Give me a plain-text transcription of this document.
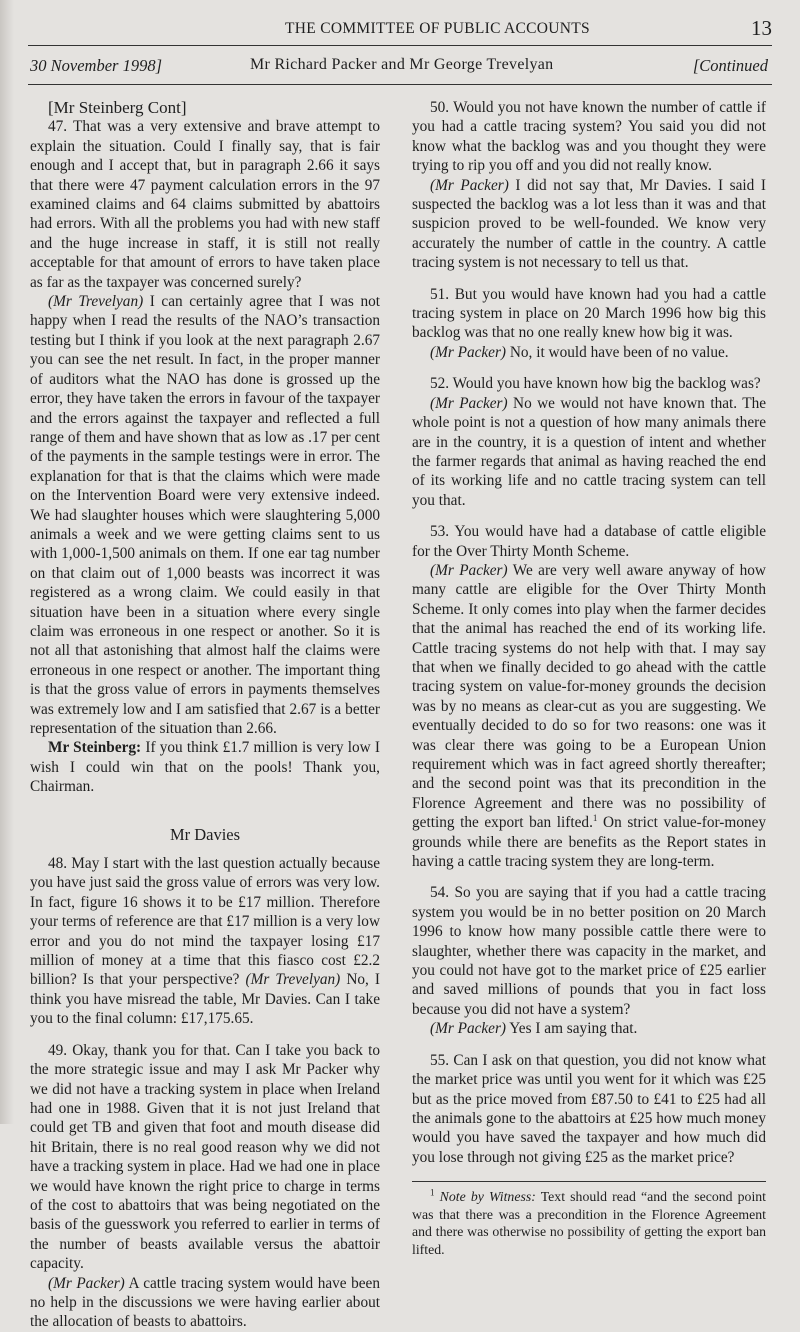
THE COMMITTEE OF PUBLIC ACCOUNTS	13
30 November 1998]	Mr Richard Packer and Mr George Trevelyan	[Continued

[Mr Steinberg Cont]

47. That was a very extensive and brave attempt to explain the situation. Could I finally say, that is fair enough and I accept that, but in paragraph 2.66 it says that there were 47 payment calculation errors in the 97 examined claims and 64 claims submitted by abattoirs had errors. With all the problems you had with new staff and the huge increase in staff, it is still not really acceptable for that amount of errors to have taken place as far as the taxpayer was concerned surely?

(Mr Trevelyan) I can certainly agree that I was not happy when I read the results of the NAO’s transaction testing but I think if you look at the next paragraph 2.67 you can see the net result. In fact, in the proper manner of auditors what the NAO has done is grossed up the error, they have taken the errors in favour of the taxpayer and the errors against the taxpayer and reflected a full range of them and have shown that as low as .17 per cent of the payments in the sample testings were in error. The explanation for that is that the claims which were made on the Intervention Board were very extensive indeed. We had slaughter houses which were slaughtering 5,000 animals a week and we were getting claims sent to us with 1,000-1,500 animals on them. If one ear tag number on that claim out of 1,000 beasts was incorrect it was registered as a wrong claim. We could easily in that situation have been in a situation where every single claim was erroneous in one respect or another. So it is not all that astonishing that almost half the claims were erroneous in one respect or another. The important thing is that the gross value of errors in payments themselves was extremely low and I am satisfied that 2.67 is a better representation of the situation than 2.66.

Mr Steinberg: If you think £1.7 million is very low I wish I could win that on the pools! Thank you, Chairman.

Mr Davies

48. May I start with the last question actually because you have just said the gross value of errors was very low. In fact, figure 16 shows it to be £17 million. Therefore your terms of reference are that £17 million is a very low error and you do not mind the taxpayer losing £17 million of money at a time that this fiasco cost £2.2 billion? Is that your perspective? (Mr Trevelyan) No, I think you have misread the table, Mr Davies. Can I take you to the final column: £17,175.65.

49. Okay, thank you for that. Can I take you back to the more strategic issue and may I ask Mr Packer why we did not have a tracking system in place when Ireland had one in 1988. Given that it is not just Ireland that could get TB and given that foot and mouth disease did hit Britain, there is no real good reason why we did not have a tracking system in place. Had we had one in place we would have known the right price to charge in terms of the cost to abattoirs that was being negotiated on the basis of the guesswork you referred to earlier in terms of the number of beasts available versus the abattoir capacity.

(Mr Packer) A cattle tracing system would have been no help in the discussions we were having earlier about the allocation of beasts to abattoirs.

50. Would you not have known the number of cattle if you had a cattle tracing system? You said you did not know what the backlog was and you thought they were trying to rip you off and you did not really know.

(Mr Packer) I did not say that, Mr Davies. I said I suspected the backlog was a lot less than it was and that suspicion proved to be well-founded. We know very accurately the number of cattle in the country. A cattle tracing system is not necessary to tell us that.

51. But you would have known had you had a cattle tracing system in place on 20 March 1996 how big this backlog was that no one really knew how big it was.

(Mr Packer) No, it would have been of no value.

52. Would you have known how big the backlog was?

(Mr Packer) No we would not have known that. The whole point is not a question of how many animals there are in the country, it is a question of intent and whether the farmer regards that animal as having reached the end of its working life and no cattle tracing system can tell you that.

53. You would have had a database of cattle eligible for the Over Thirty Month Scheme.

(Mr Packer) We are very well aware anyway of how many cattle are eligible for the Over Thirty Month Scheme. It only comes into play when the farmer decides that the animal has reached the end of its working life. Cattle tracing systems do not help with that. I may say that when we finally decided to go ahead with the cattle tracing system on value-for-money grounds the decision was by no means as clear-cut as you are suggesting. We eventually decided to do so for two reasons: one was it was clear there was going to be a European Union requirement which was in fact agreed shortly thereafter; and the second point was that its precondition in the Florence Agreement and there was no possibility of getting the export ban lifted.$^1$ On strict value-for-money grounds while there are benefits as the Report states in having a cattle tracing system they are long-term.

54. So you are saying that if you had a cattle tracing system you would be in no better position on 20 March 1996 to know how many possible cattle there were to slaughter, whether there was capacity in the market, and you could not have got to the market price of £25 earlier and saved millions of pounds that you in fact loss because you did not have a system?

(Mr Packer) Yes I am saying that.

55. Can I ask on that question, you did not know what the market price was until you went for it which was £25 but as the price moved from £87.50 to £41 to £25 had all the animals gone to the abattoirs at £25 how much money would you have saved the taxpayer and how much did you lose through not giving £25 as the market price?

$^1$ Note by Witness: Text should read “and the second point was that there was a precondition in the Florence Agreement and there was otherwise no possibility of getting the export ban lifted.
